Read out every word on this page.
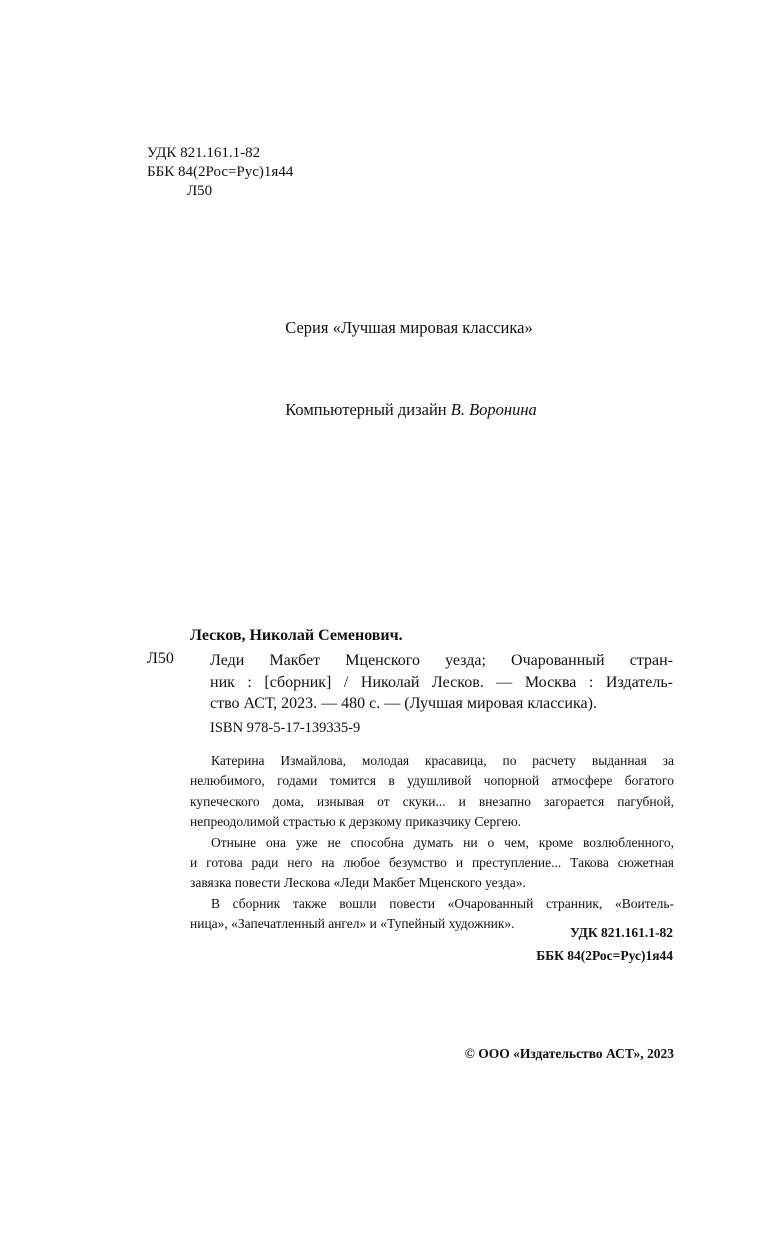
УДК 821.161.1-82
ББК 84(2Рос=Рус)1я44
Л50
Серия «Лучшая мировая классика»
Компьютерный дизайн В. Воронина
Лесков, Николай Семенович.
Л50 Леди Макбет Мценского уезда; Очарованный стран-
ник : [сборник] / Николай Лесков. — Москва : Издатель-
ство АСТ, 2023. — 480 с. — (Лучшая мировая классика).
ISBN 978-5-17-139335-9
Катерина Измайлова, молодая красавица, по расчету выданная за
нелюбимого, годами томится в удушливой чопорной атмосфере богатого
купеческого дома, изнывая от скуки... и внезапно загорается пагубной,
непреодолимой страстью к дерзкому приказчику Сергею.
Отныне она уже не способна думать ни о чем, кроме возлюбленного,
и готова ради него на любое безумство и преступление... Такова сюжетная
завязка повести Лескова «Леди Макбет Мценского уезда».
В сборник также вошли повести «Очарованный странник, «Воитель-
ница», «Запечатленный ангел» и «Тупейный художник».
УДК 821.161.1-82
ББК 84(2Рос=Рус)1я44
© ООО «Издательство АСТ», 2023
